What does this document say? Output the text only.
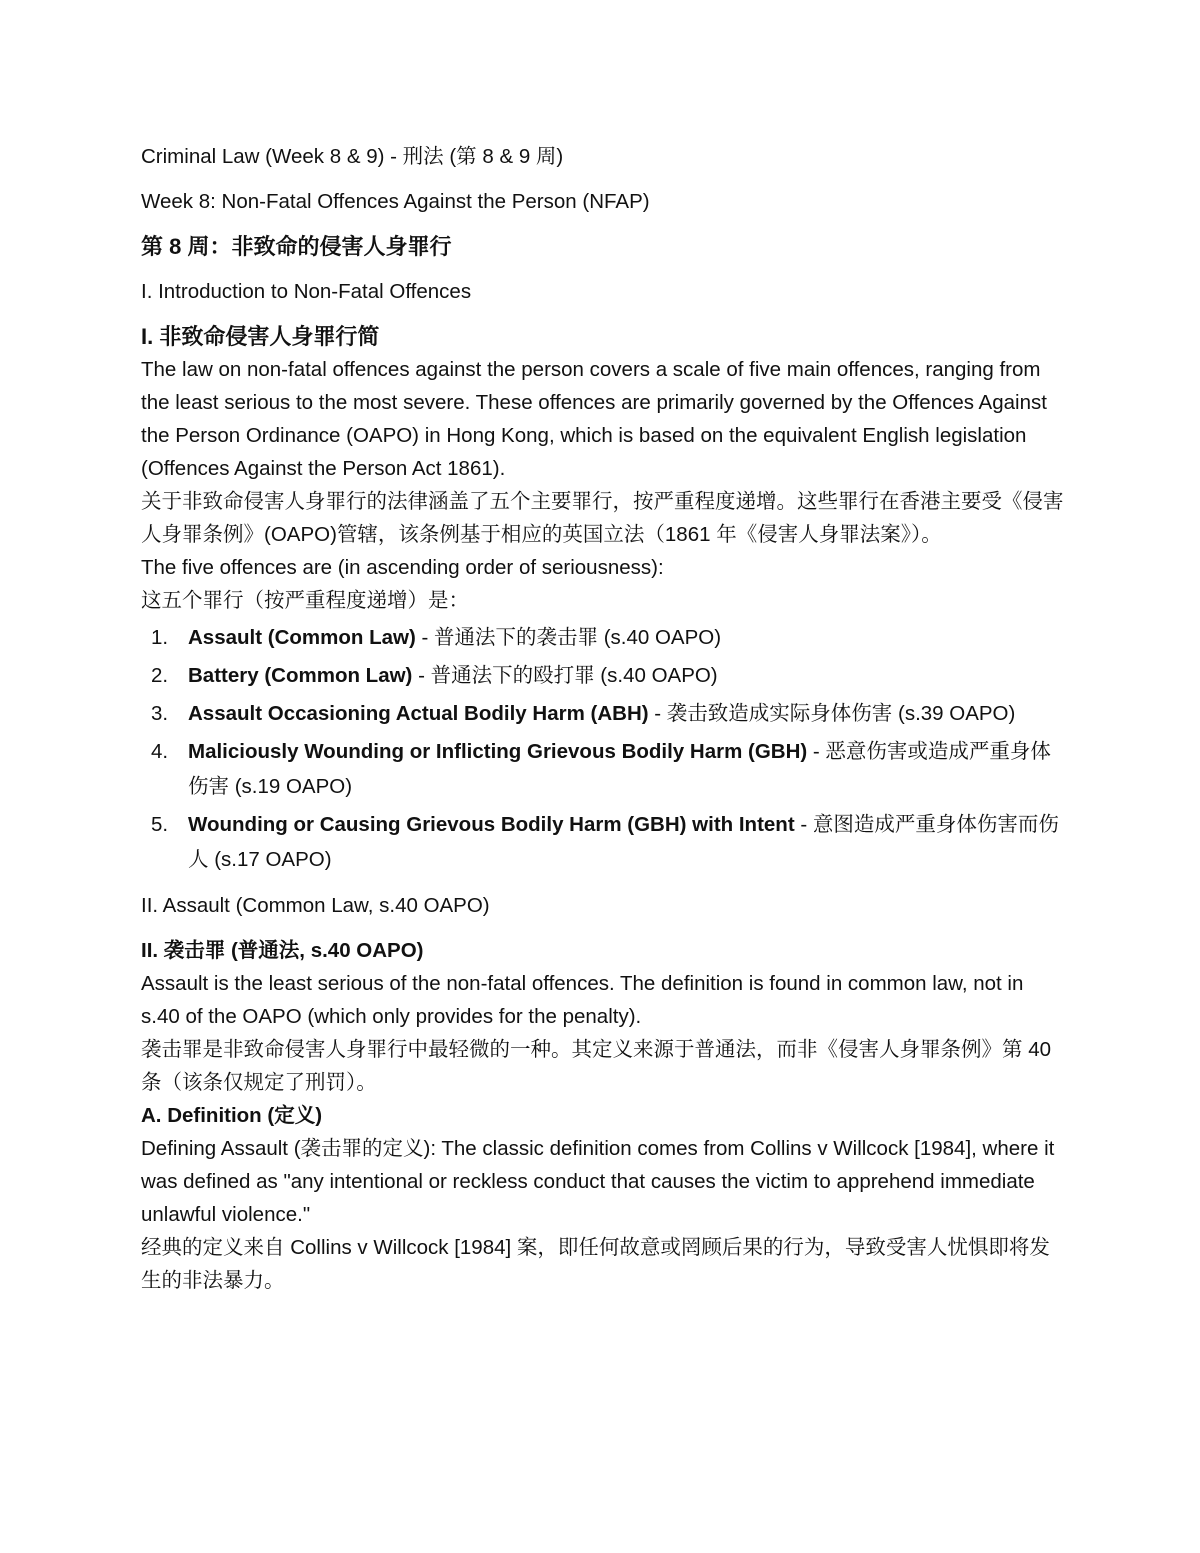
Criminal Law (Week 8 & 9) - 刑法 (第 8 & 9 周)

Week 8: Non-Fatal Offences Against the Person (NFAP)

第 8 周：非致命的侵害人身罪行

I. Introduction to Non-Fatal Offences

I. 非致命侵害人身罪行简

The law on non-fatal offences against the person covers a scale of five main offences, ranging from the least serious to the most severe. These offences are primarily governed by the Offences Against the Person Ordinance (OAPO) in Hong Kong, which is based on the equivalent English legislation (Offences Against the Person Act 1861).

关于非致命侵害人身罪行的法律涵盖了五个主要罪行，按严重程度递增。这些罪行在香港主要受《侵害人身罪条例》(OAPO)管辖，该条例基于相应的英国立法（1861 年《侵害人身罪法案》）。

The five offences are (in ascending order of seriousness):

这五个罪行（按严重程度递增）是：

1. Assault (Common Law) - 普通法下的袭击罪 (s.40 OAPO)
2. Battery (Common Law) - 普通法下的殴打罪 (s.40 OAPO)
3. Assault Occasioning Actual Bodily Harm (ABH) - 袭击致造成实际身体伤害 (s.39 OAPO)
4. Maliciously Wounding or Inflicting Grievous Bodily Harm (GBH) - 恶意伤害或造成严重身体伤害 (s.19 OAPO)
5. Wounding or Causing Grievous Bodily Harm (GBH) with Intent - 意图造成严重身体伤害而伤人 (s.17 OAPO)

II. Assault (Common Law, s.40 OAPO)

II. 袭击罪 (普通法, s.40 OAPO)

Assault is the least serious of the non-fatal offences. The definition is found in common law, not in s.40 of the OAPO (which only provides for the penalty).

袭击罪是非致命侵害人身罪行中最轻微的一种。其定义来源于普通法，而非《侵害人身罪条例》第 40 条（该条仅规定了刑罚）。

A. Definition (定义)

Defining Assault (袭击罪的定义): The classic definition comes from Collins v Willcock [1984], where it was defined as "any intentional or reckless conduct that causes the victim to apprehend immediate unlawful violence."

经典的定义来自 Collins v Willcock [1984] 案，即任何故意或罔顾后果的行为，导致受害人忧惧即将发生的非法暴力。
